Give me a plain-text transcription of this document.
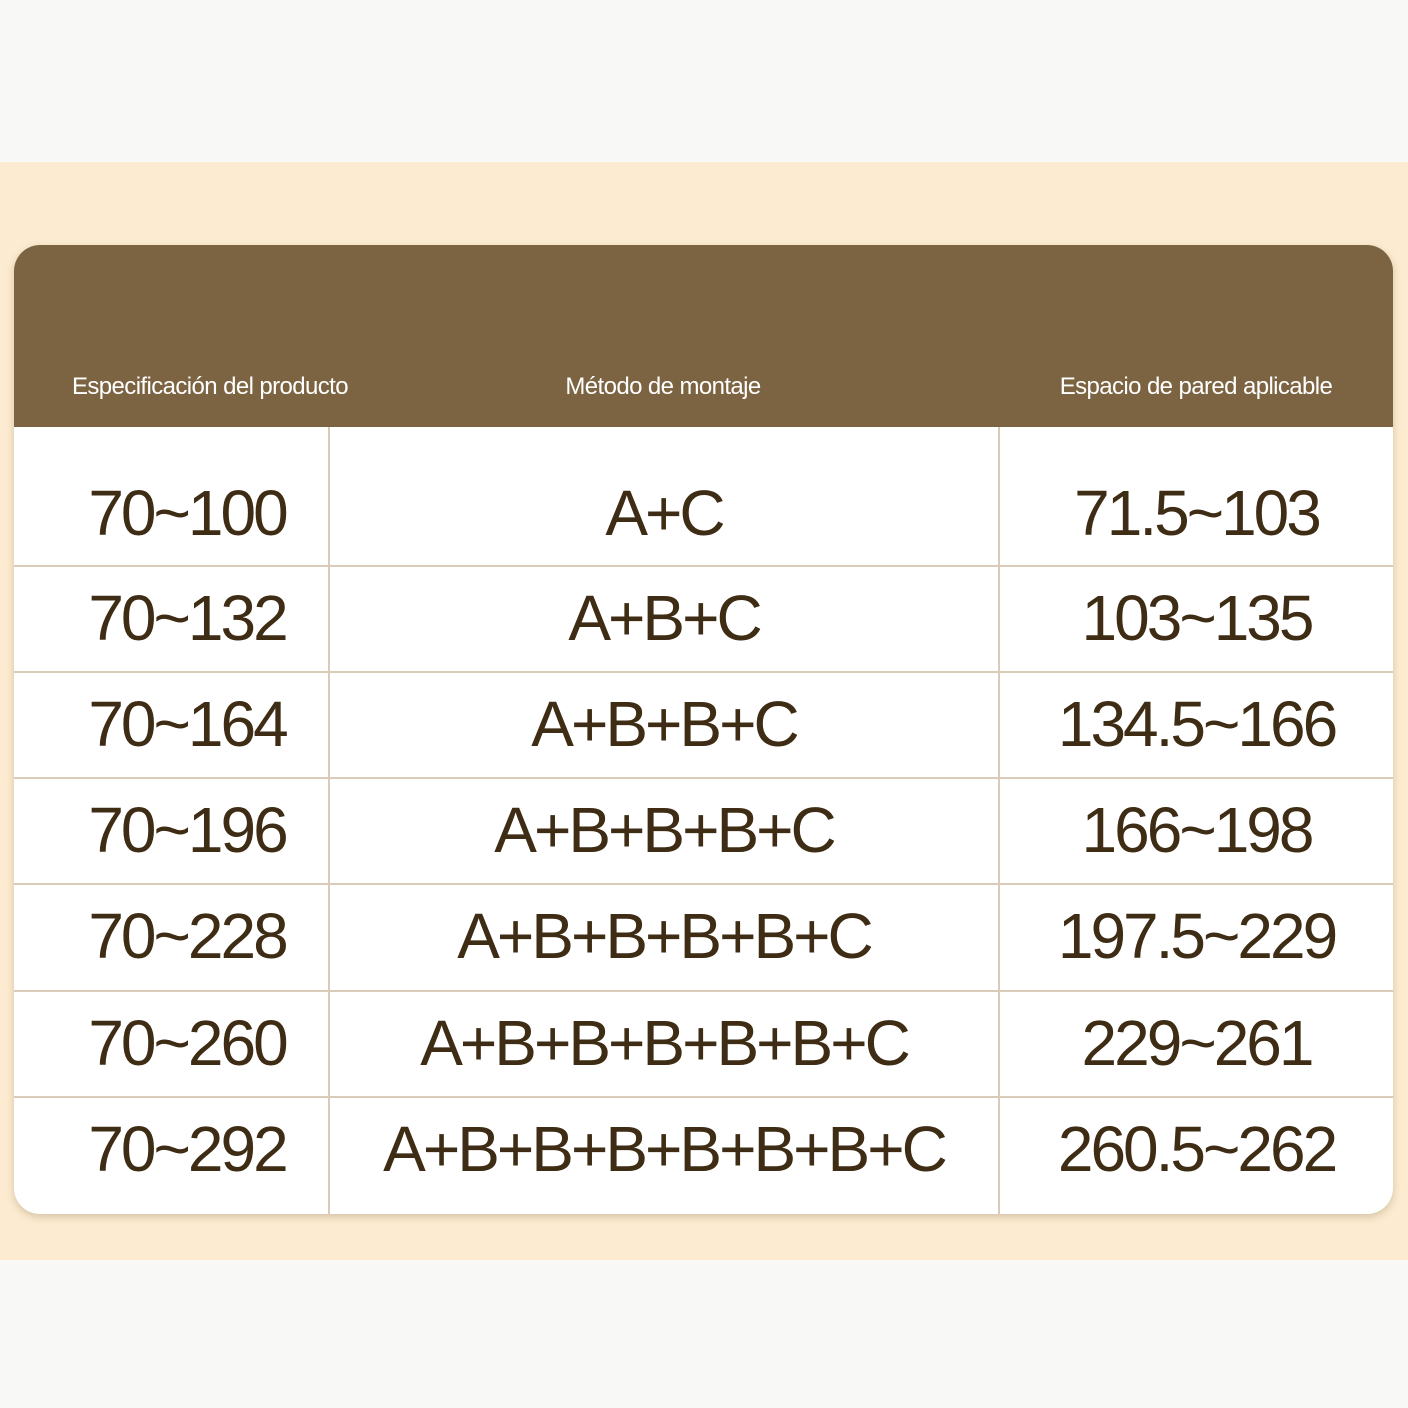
Especificación del producto	Método de montaje	Espacio de pared aplicable
70~100	A+C	71.5~103
70~132	A+B+C	103~135
70~164	A+B+B+C	134.5~166
70~196	A+B+B+B+C	166~198
70~228	A+B+B+B+B+C	197.5~229
70~260	A+B+B+B+B+B+C	229~261
70~292	A+B+B+B+B+B+B+C	260.5~262
